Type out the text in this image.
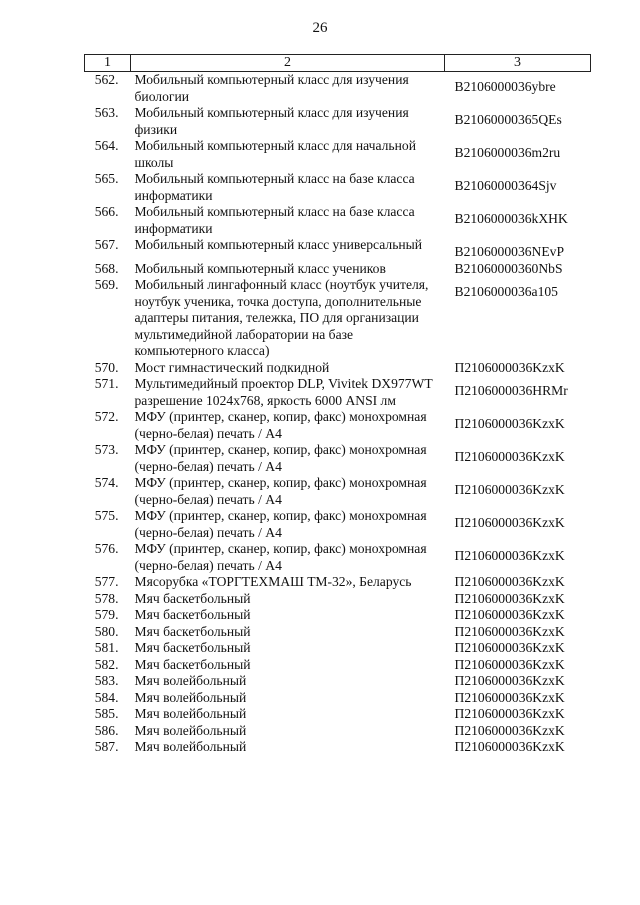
26
1	2	3
562.	Мобильный компьютерный класс для изучения биологии	B2106000036ybre
563.	Мобильный компьютерный класс для изучения физики	B21060000365QEs
564.	Мобильный компьютерный класс для начальной школы	B2106000036m2ru
565.	Мобильный компьютерный класс на базе класса информатики	B21060000364Sjv
566.	Мобильный компьютерный класс на базе класса информатики	B2106000036kXHK
567.	Мобильный компьютерный класс универсальный	B2106000036NEvP
568.	Мобильный компьютерный класс учеников	B21060000360NbS
569.	Мобильный лингафонный класс (ноутбук учителя, ноутбук ученика, точка доступа, дополнительные адаптеры питания, тележка, ПО для организации мультимедийной лаборатории на базе компьютерного класса)	B2106000036a105
570.	Мост гимнастический подкидной	П2106000036KzxK
571.	Мультимедийный проектор DLP, Vivitek DX977WT разрешение 1024x768, яркость 6000 ANSI лм	П2106000036HRMr
572.	МФУ (принтер, сканер, копир, факс) монохромная (черно-белая) печать / A4	П2106000036KzxK
573.	МФУ (принтер, сканер, копир, факс) монохромная (черно-белая) печать / A4	П2106000036KzxK
574.	МФУ (принтер, сканер, копир, факс) монохромная (черно-белая) печать / A4	П2106000036KzxK
575.	МФУ (принтер, сканер, копир, факс) монохромная (черно-белая) печать / A4	П2106000036KzxK
576.	МФУ (принтер, сканер, копир, факс) монохромная (черно-белая) печать / A4	П2106000036KzxK
577.	Мясорубка «ТОРГТЕХМАШ ТМ-32», Беларусь	П2106000036KzxK
578.	Мяч баскетбольный	П2106000036KzxK
579.	Мяч баскетбольный	П2106000036KzxK
580.	Мяч баскетбольный	П2106000036KzxK
581.	Мяч баскетбольный	П2106000036KzxK
582.	Мяч баскетбольный	П2106000036KzxK
583.	Мяч волейбольный	П2106000036KzxK
584.	Мяч волейбольный	П2106000036KzxK
585.	Мяч волейбольный	П2106000036KzxK
586.	Мяч волейбольный	П2106000036KzxK
587.	Мяч волейбольный	П2106000036KzxK
